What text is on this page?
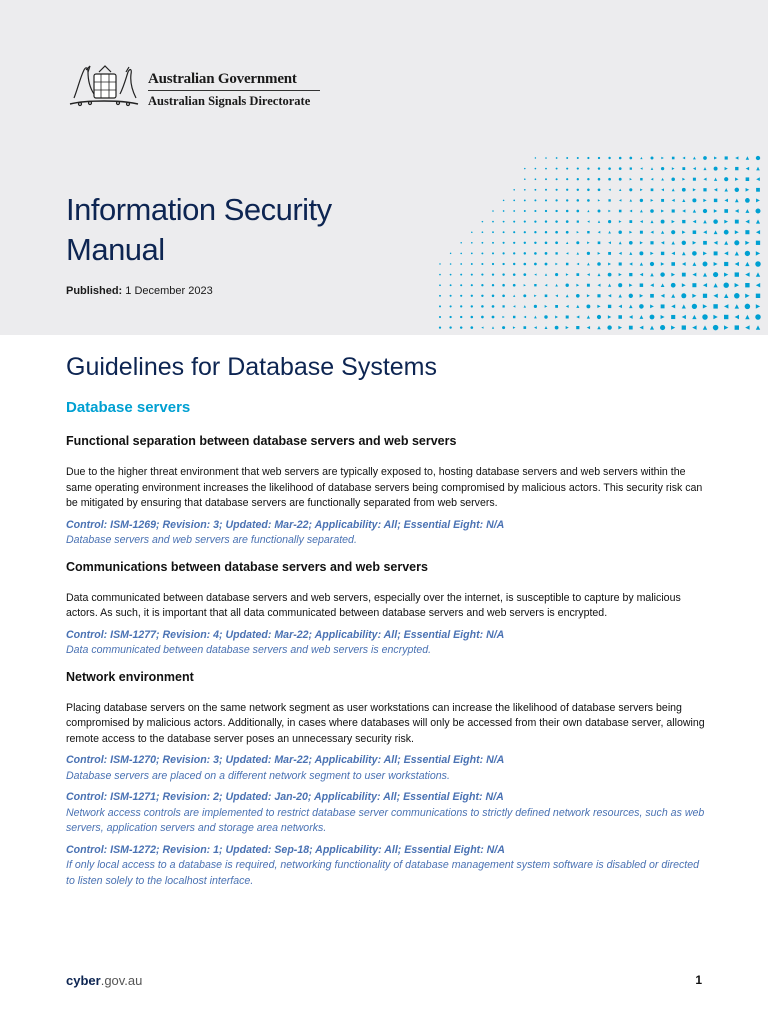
Australian Government
Australian Signals Directorate
Information Security
Manual
Published: 1 December 2023
Guidelines for Database Systems
Database servers
Functional separation between database servers and web servers

Due to the higher threat environment that web servers are typically exposed to, hosting database servers and web servers within the same operating environment increases the likelihood of database servers being compromised by malicious actors. This security risk can be mitigated by ensuring that database servers are functionally separated from web servers.

Control: ISM-1269; Revision: 3; Updated: Mar-22; Applicability: All; Essential Eight: N/A
Database servers and web servers are functionally separated.
Communications between database servers and web servers

Data communicated between database servers and web servers, especially over the internet, is susceptible to capture by malicious actors. As such, it is important that all data communicated between database servers and web servers is encrypted.

Control: ISM-1277; Revision: 4; Updated: Mar-22; Applicability: All; Essential Eight: N/A
Data communicated between database servers and web servers is encrypted.
Network environment

Placing database servers on the same network segment as user workstations can increase the likelihood of database servers being compromised by malicious actors. Additionally, in cases where databases will only be accessed from their own database server, allowing remote access to the database server poses an unnecessary security risk.

Control: ISM-1270; Revision: 3; Updated: Mar-22; Applicability: All; Essential Eight: N/A
Database servers are placed on a different network segment to user workstations.
Control: ISM-1271; Revision: 2; Updated: Jan-20; Applicability: All; Essential Eight: N/A
Network access controls are implemented to restrict database server communications to strictly defined network resources, such as web servers, application servers and storage area networks.
Control: ISM-1272; Revision: 1; Updated: Sep-18; Applicability: All; Essential Eight: N/A
If only local access to a database is required, networking functionality of database management system software is disabled or directed to listen solely to the localhost interface.
cyber.gov.au	1
